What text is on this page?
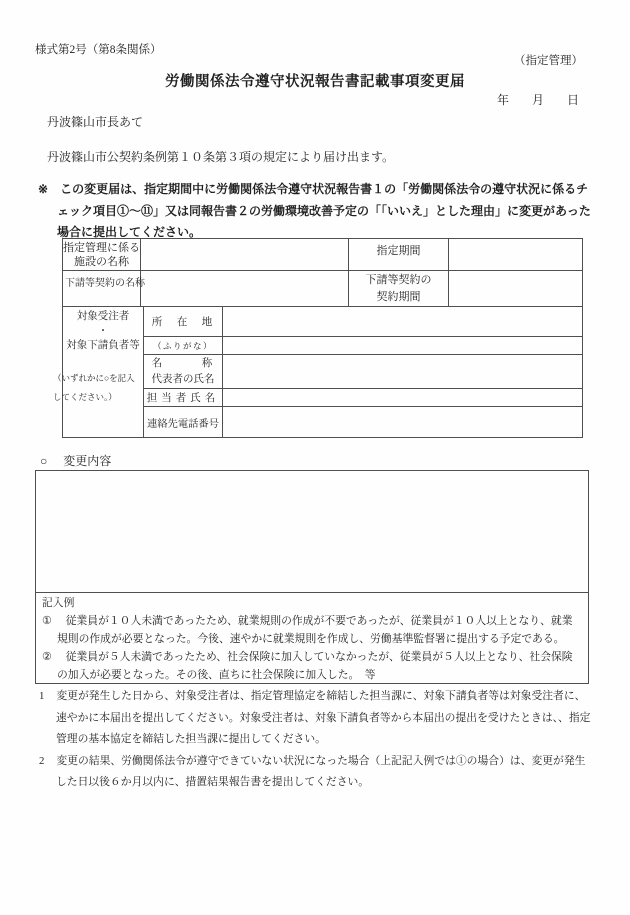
様式第2号（第8条関係）
（指定管理）
労働関係法令遵守状況報告書記載事項変更届
年 月 日
丹波篠山市長あて
丹波篠山市公契約条例第１０条第３項の規定により届け出ます。
※ この変更届は、指定期間中に労働関係法令遵守状況報告書１の「労働関係法令の遵守状況に係るチェック項目①～⑪」又は同報告書２の労働環境改善予定の「「いいえ」とした理由」に変更があった場合に提出してください。
指定管理に係る
施設の名称
指定期間
下請等契約の名称	下請等契約の
契約期間
対象受注者
・
対象下請負者等
（いずれかに○を記入
してください。）
所　在　地
（ふりがな）
名　　　称
代表者の氏名
担当者氏名
連絡先電話番号
○ 変更内容
記入例
① 従業員が１０人未満であったため、就業規則の作成が不要であったが、従業員が１０人以上となり、就業規則の作成が必要となった。今後、速やかに就業規則を作成し、労働基準監督署に提出する予定である。
② 従業員が５人未満であったため、社会保険に加入していなかったが、従業員が５人以上となり、社会保険の加入が必要となった。その後、直ちに社会保険に加入した。　等
1 変更が発生した日から、対象受注者は、指定管理協定を締結した担当課に、対象下請負者等は対象受注者に、速やかに本届出を提出してください。対象受注者は、対象下請負者等から本届出の提出を受けたときは、、指定管理の基本協定を締結した担当課に提出してください。
2 変更の結果、労働関係法令が遵守できていない状況になった場合（上記記入例では①の場合）は、変更が発生した日以後６か月以内に、措置結果報告書を提出してください。
